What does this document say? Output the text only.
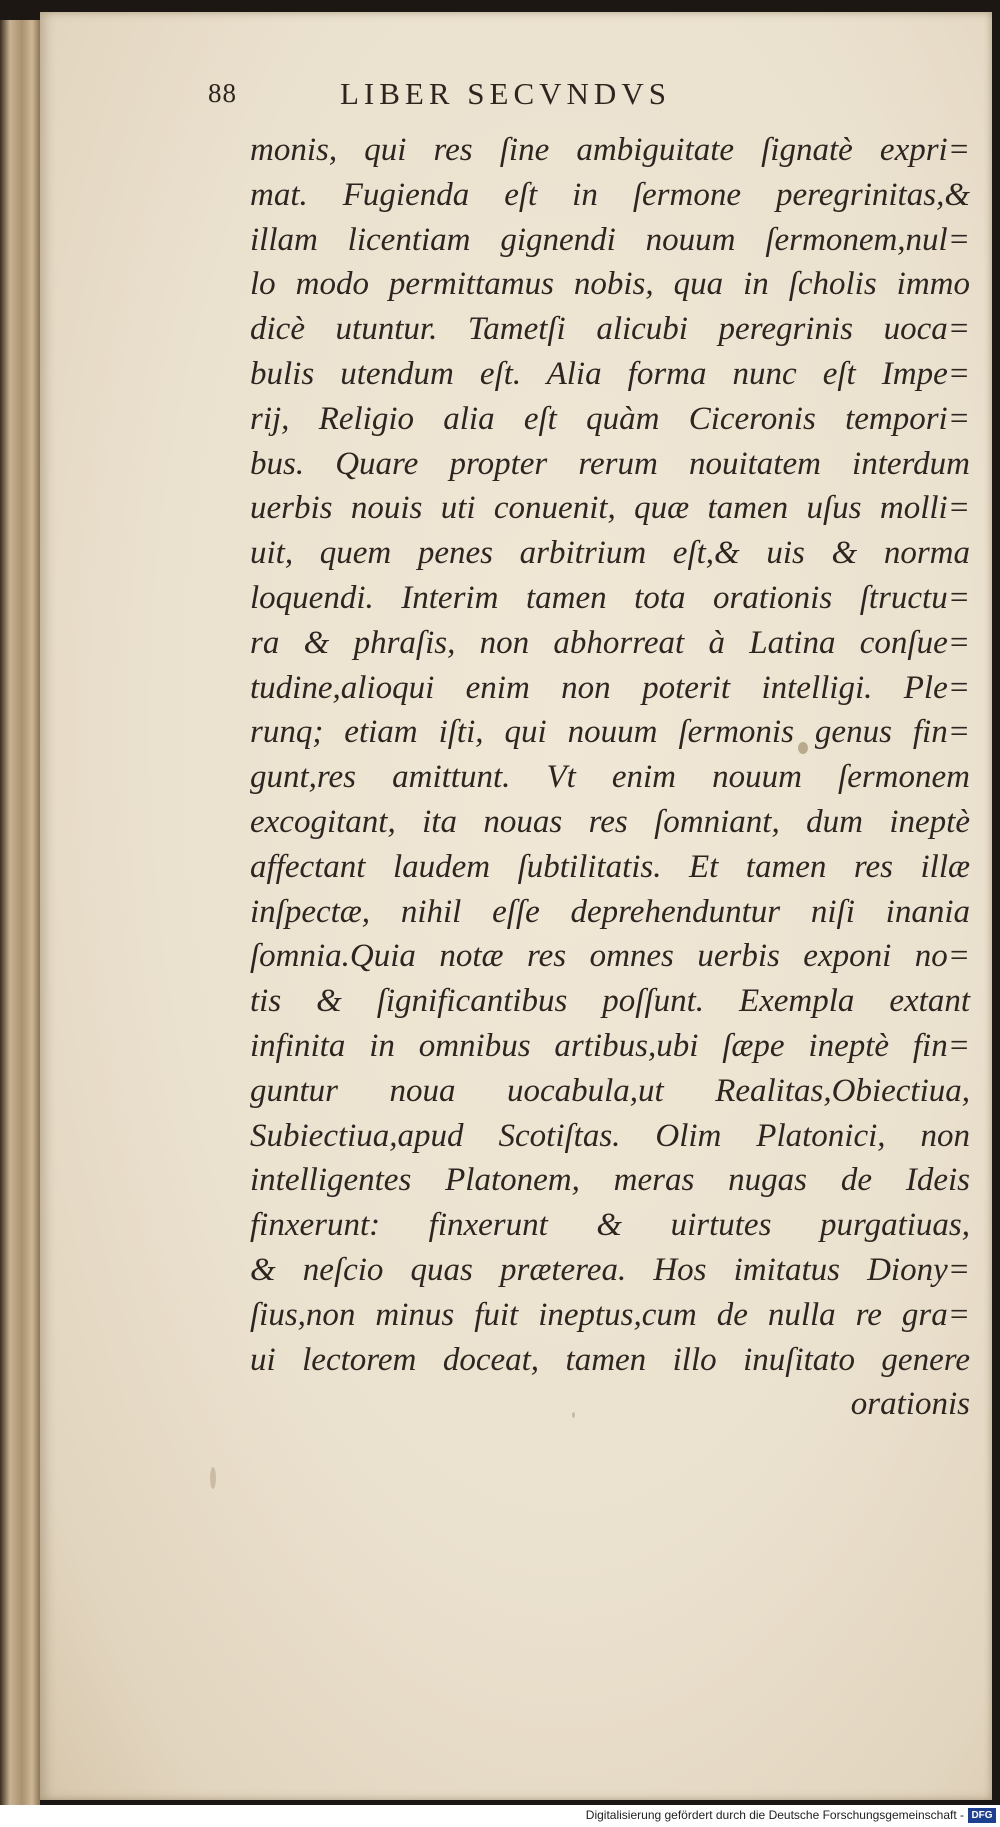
88	LIBER SECVNDVS
monis, qui res ſine ambiguitate ſignatè expri=
mat. Fugienda eſt in ſermone peregrinitas,&
illam licentiam gignendi nouum ſermonem,nul=
lo modo permittamus nobis, qua in ſcholis immo
dicè utuntur. Tametſi alicubi peregrinis uoca=
bulis utendum eſt. Alia forma nunc eſt Impe=
rij, Religio alia eſt quàm Ciceronis tempori=
bus. Quare propter rerum nouitatem interdum
uerbis nouis uti conuenit, quæ tamen uſus molli=
uit, quem penes arbitrium eſt,& uis & norma
loquendi. Interim tamen tota orationis ſtructu=
ra & phraſis, non abhorreat à Latina conſue=
tudine,alioqui enim non poterit intelligi. Ple=
runq; etiam iſti, qui nouum ſermonis genus fin=
gunt,res amittunt. Vt enim nouum ſermonem
excogitant, ita nouas res ſomniant, dum ineptè
affectant laudem ſubtilitatis. Et tamen res illæ
inſpectæ, nihil eſſe deprehenduntur niſi inania
ſomnia.Quia notæ res omnes uerbis exponi no=
tis & ſignificantibus poſſunt. Exempla extant
infinita in omnibus artibus,ubi ſæpe ineptè fin=
guntur noua uocabula,ut Realitas,Obiectiua,
Subiectiua,apud Scotiſtas. Olim Platonici, non
intelligentes Platonem, meras nugas de Ideis
finxerunt: finxerunt & uirtutes purgatiuas,
& neſcio quas præterea. Hos imitatus Diony=
ſius,non minus fuit ineptus,cum de nulla re gra=
ui lectorem doceat, tamen illo inuſitato genere
orationis
Digitalisierung gefördert durch die Deutsche Forschungsgemeinschaft - DFG
